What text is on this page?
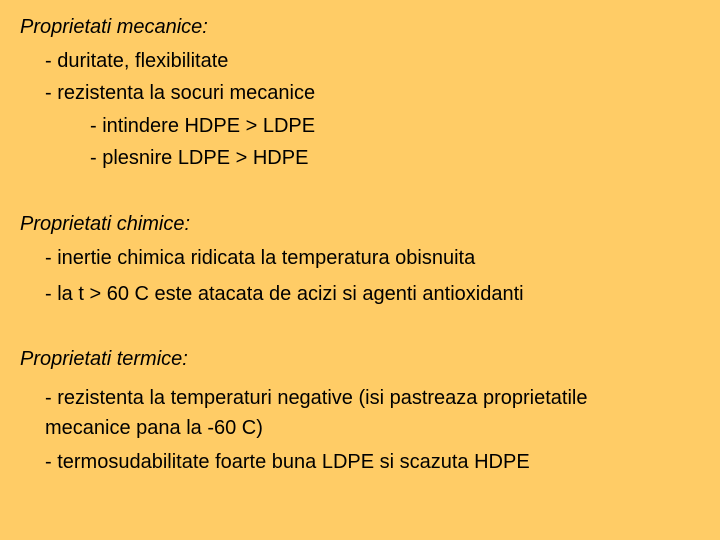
Proprietati mecanice:
- duritate, flexibilitate
- rezistenta la socuri mecanice
- intindere HDPE > LDPE
- plesnire LDPE > HDPE
Proprietati chimice:
- inertie chimica ridicata la temperatura obisnuita
- la t > 60 C este atacata de acizi si agenti antioxidanti
Proprietati termice:
- rezistenta la temperaturi negative (isi pastreaza proprietatile
mecanice pana la -60 C)
- termosudabilitate foarte buna LDPE si scazuta HDPE
